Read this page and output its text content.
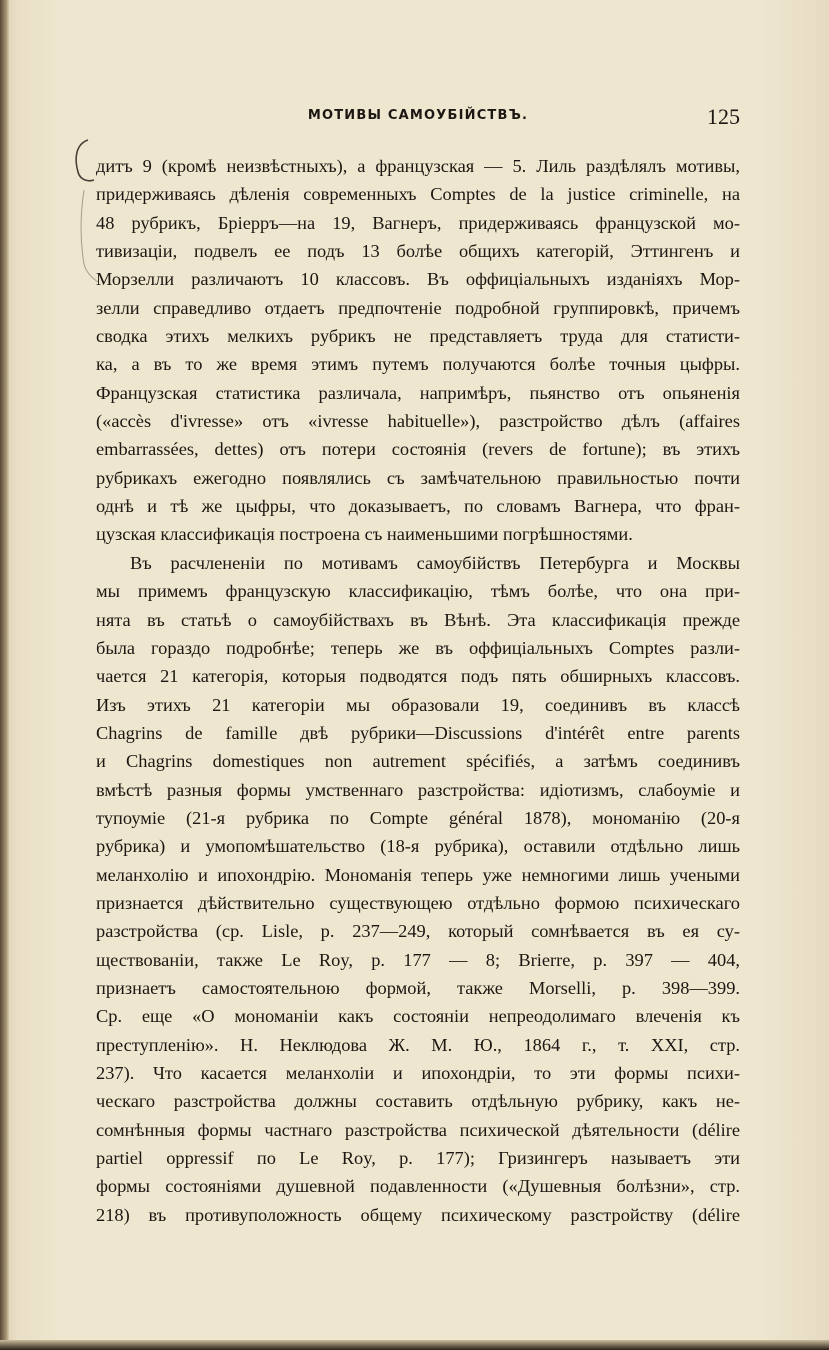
МОТИВЫ САМОУБІЙСТВЪ.	125
дитъ 9 (кромѣ неизвѣстныхъ), а французская — 5. Лиль раздѣлялъ мотивы,
придерживаясь дѣленія современныхъ Comptes de la justice criminelle, на
48 рубрикъ, Бріерръ—на 19, Вагнеръ, придерживаясь французской мо-
тивизаціи, подвелъ ее подъ 13 болѣе общихъ категорій, Эттингенъ и
Морзелли различаютъ 10 классовъ. Въ оффиціальныхъ изданіяхъ Мор-
зелли справедливо отдаетъ предпочтеніе подробной группировкѣ, причемъ
сводка этихъ мелкихъ рубрикъ не представляетъ труда для статисти-
ка, а въ то же время этимъ путемъ получаются болѣе точныя цыфры.
Французская статистика различала, напримѣръ, пьянство отъ опьяненія
(«accès d'ivresse» отъ «ivresse habituelle»), разстройство дѣлъ (affaires
embarrassées, dettes) отъ потери состоянія (revers de fortune); въ этихъ
рубрикахъ ежегодно появлялись съ замѣчательною правильностью почти
однѣ и тѣ же цыфры, что доказываетъ, по словамъ Вагнера, что фран-
цузская классификація построена съ наименьшими погрѣшностями.
Въ расчлененіи по мотивамъ самоубійствъ Петербурга и Москвы
мы примемъ французскую классификацію, тѣмъ болѣе, что она при-
нята въ статьѣ о самоубійствахъ въ Вѣнѣ. Эта классификація прежде
была гораздо подробнѣе; теперь же въ оффиціальныхъ Comptes разли-
чается 21 категорія, которыя подводятся подъ пять обширныхъ классовъ.
Изъ этихъ 21 категоріи мы образовали 19, соединивъ въ классѣ
Chagrins de famille двѣ рубрики—Discussions d'intérêt entre parents
и Chagrins domestiques non autrement spécifiés, а затѣмъ соединивъ
вмѣстѣ разныя формы умственнаго разстройства: идіотизмъ, слабоуміе и
тупоуміе (21-я рубрика по Compte général 1878), мономанію (20-я
рубрика) и умопомѣшательство (18-я рубрика), оставили отдѣльно лишь
меланхолію и ипохондрію. Мономанія теперь уже немногими лишь учеными
признается дѣйствительно существующею отдѣльно формою психическаго
разстройства (ср. Lisle, p. 237—249, который сомнѣвается въ ея су-
ществованіи, также Le Roy, p. 177 — 8; Brierre, p. 397 — 404,
признаетъ самостоятельною формой, также Morselli, p. 398—399.
Ср. еще «О мономаніи какъ состояніи непреодолимаго влеченія къ
преступленію». Н. Неклюдова Ж. М. Ю., 1864 г., т. XXI, стр.
237). Что касается меланхоліи и ипохондріи, то эти формы психи-
ческаго разстройства должны составить отдѣльную рубрику, какъ не-
сомнѣнныя формы частнаго разстройства психической дѣятельности (délire
partiel oppressif по Le Roy, p. 177); Гризингеръ называетъ эти
формы состояніями душевной подавленности («Душевныя болѣзни», стр.
218) въ противуположность общему психическому разстройству (délire
